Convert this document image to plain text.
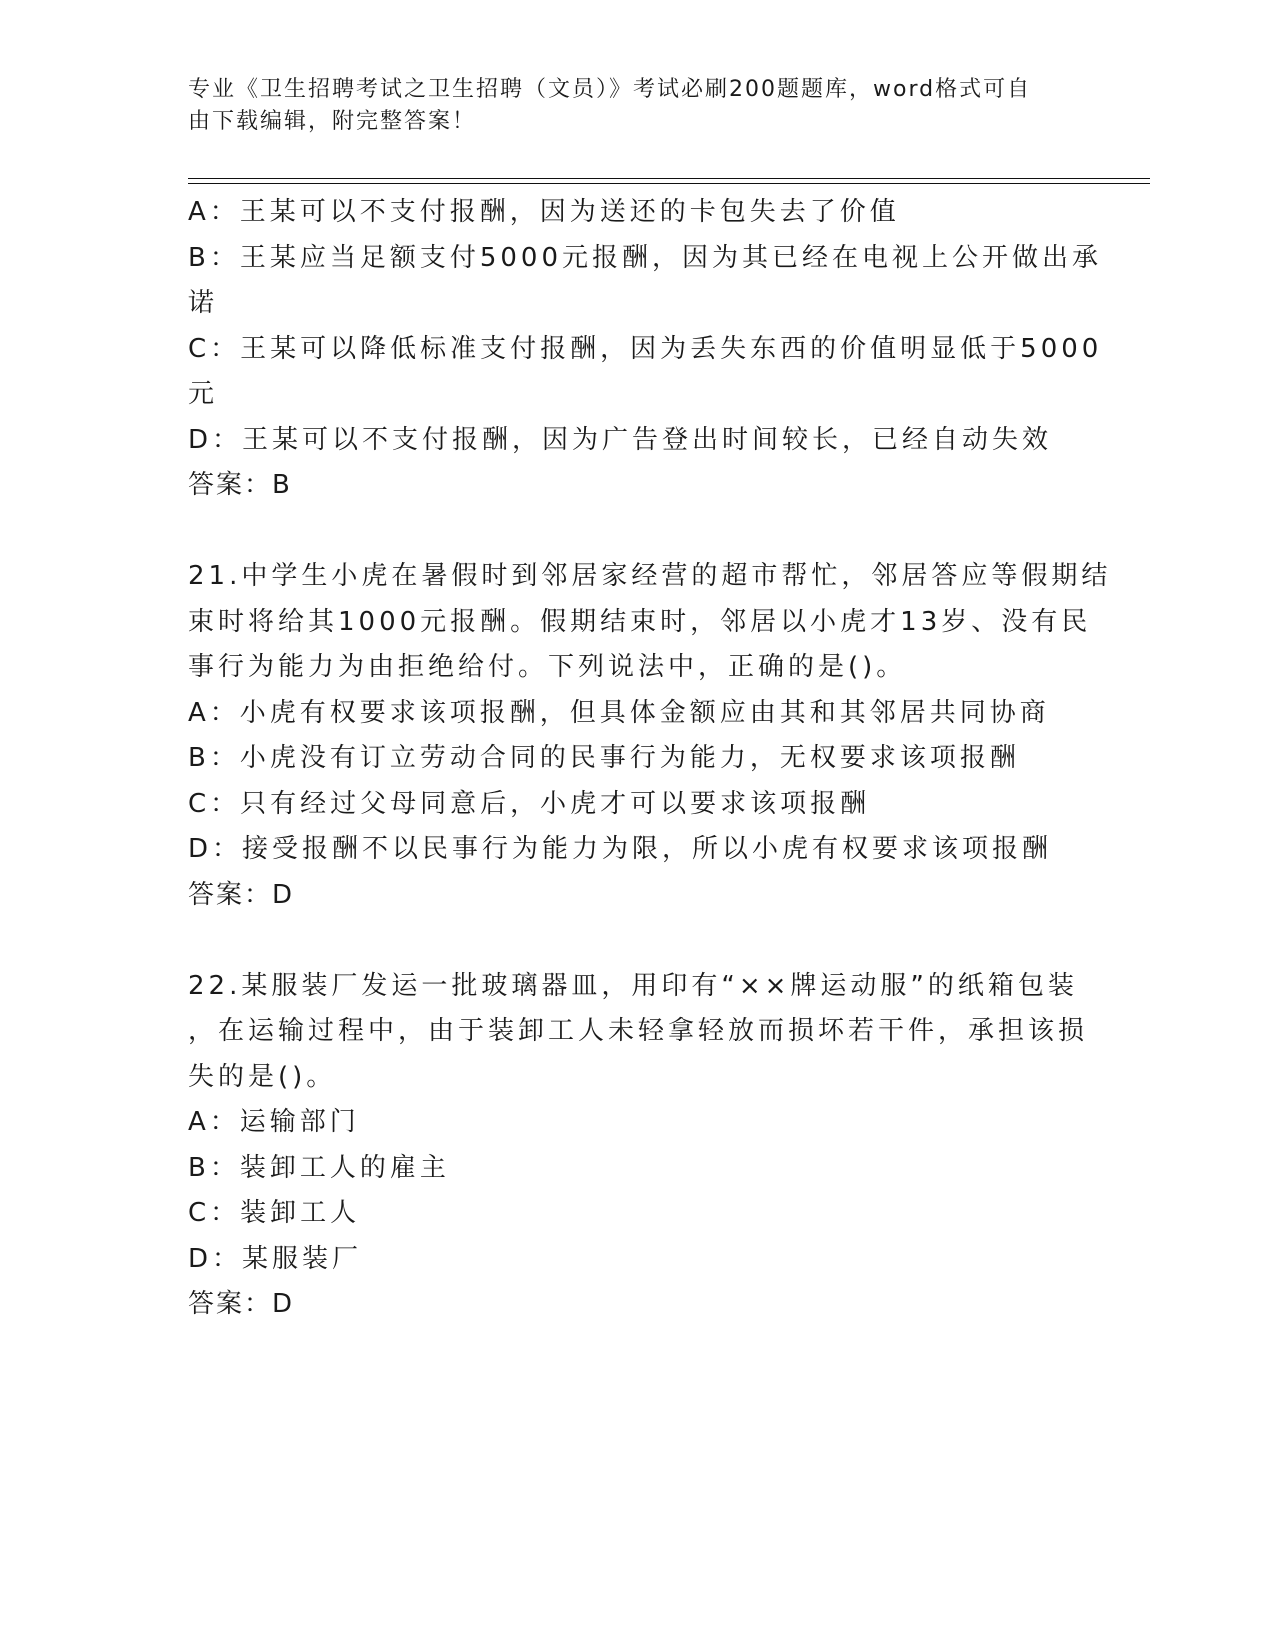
专业《卫生招聘考试之卫生招聘（文员）》考试必刷200题题库，word格式可自
由下载编辑，附完整答案！
A：王某可以不支付报酬，因为送还的卡包失去了价值
B：王某应当足额支付5000元报酬，因为其已经在电视上公开做出承
诺
C：王某可以降低标准支付报酬，因为丢失东西的价值明显低于5000
元
D：王某可以不支付报酬，因为广告登出时间较长，已经自动失效
答案：B
21.中学生小虎在暑假时到邻居家经营的超市帮忙，邻居答应等假期结
束时将给其1000元报酬。假期结束时，邻居以小虎才13岁、没有民
事行为能力为由拒绝给付。下列说法中，正确的是()。
A：小虎有权要求该项报酬，但具体金额应由其和其邻居共同协商
B：小虎没有订立劳动合同的民事行为能力，无权要求该项报酬
C：只有经过父母同意后，小虎才可以要求该项报酬
D：接受报酬不以民事行为能力为限，所以小虎有权要求该项报酬
答案：D
22.某服装厂发运一批玻璃器皿，用印有“××牌运动服”的纸箱包装
，在运输过程中，由于装卸工人未轻拿轻放而损坏若干件，承担该损
失的是()。
A：运输部门
B：装卸工人的雇主
C：装卸工人
D：某服装厂
答案：D
